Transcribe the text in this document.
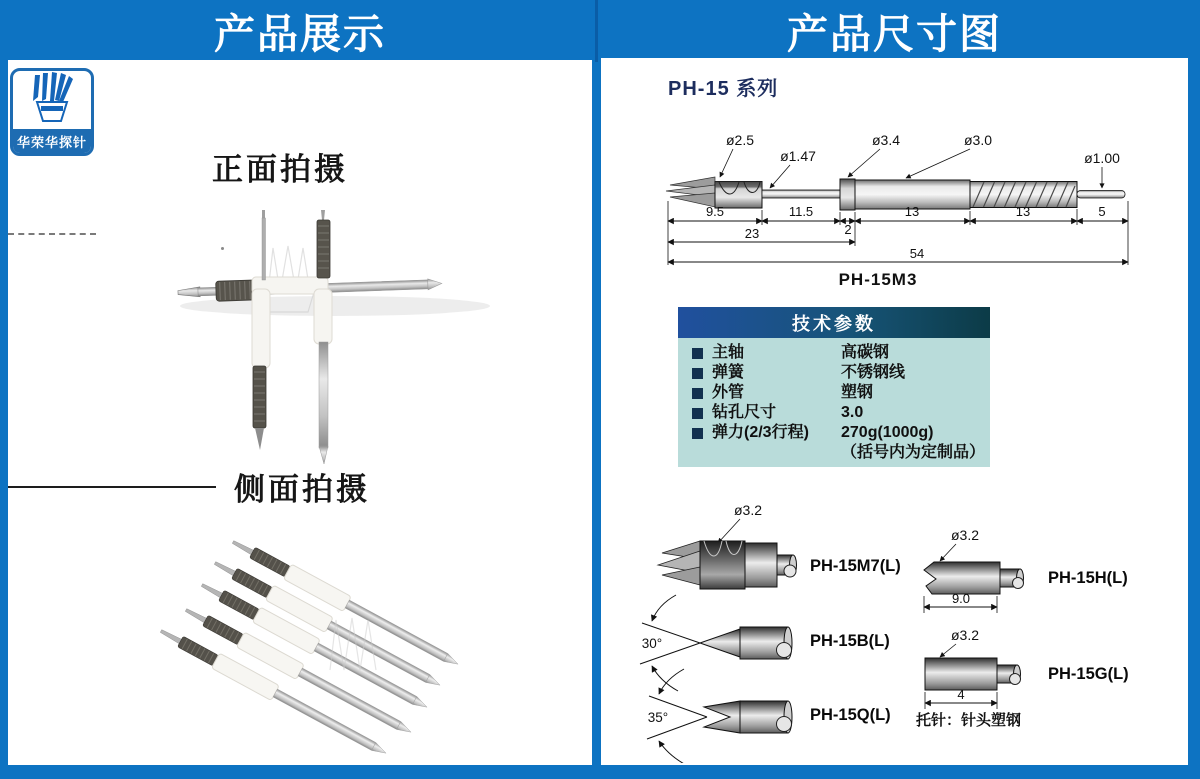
产品展示	产品尺寸图
华荣华探针
正面拍摄
侧面拍摄
PH-15 系列
ø2.5
ø1.47
ø3.4	ø3.0
ø1.00
9.5	11.5
2
13	13	5
23
54
PH-15M3
技术参数
主轴	高碳钢
弹簧	不锈钢线
外管	塑钢
钻孔尺寸	3.0
弹力(2/3行程)	270g(1000g)
（括号内为定制品）
ø3.2
PH-15M7(L)
30°	PH-15B(L)
35°	PH-15Q(L)
ø3.2
PH-15H(L)
9.0
ø3.2
PH-15G(L)
4
托针：针头塑钢
